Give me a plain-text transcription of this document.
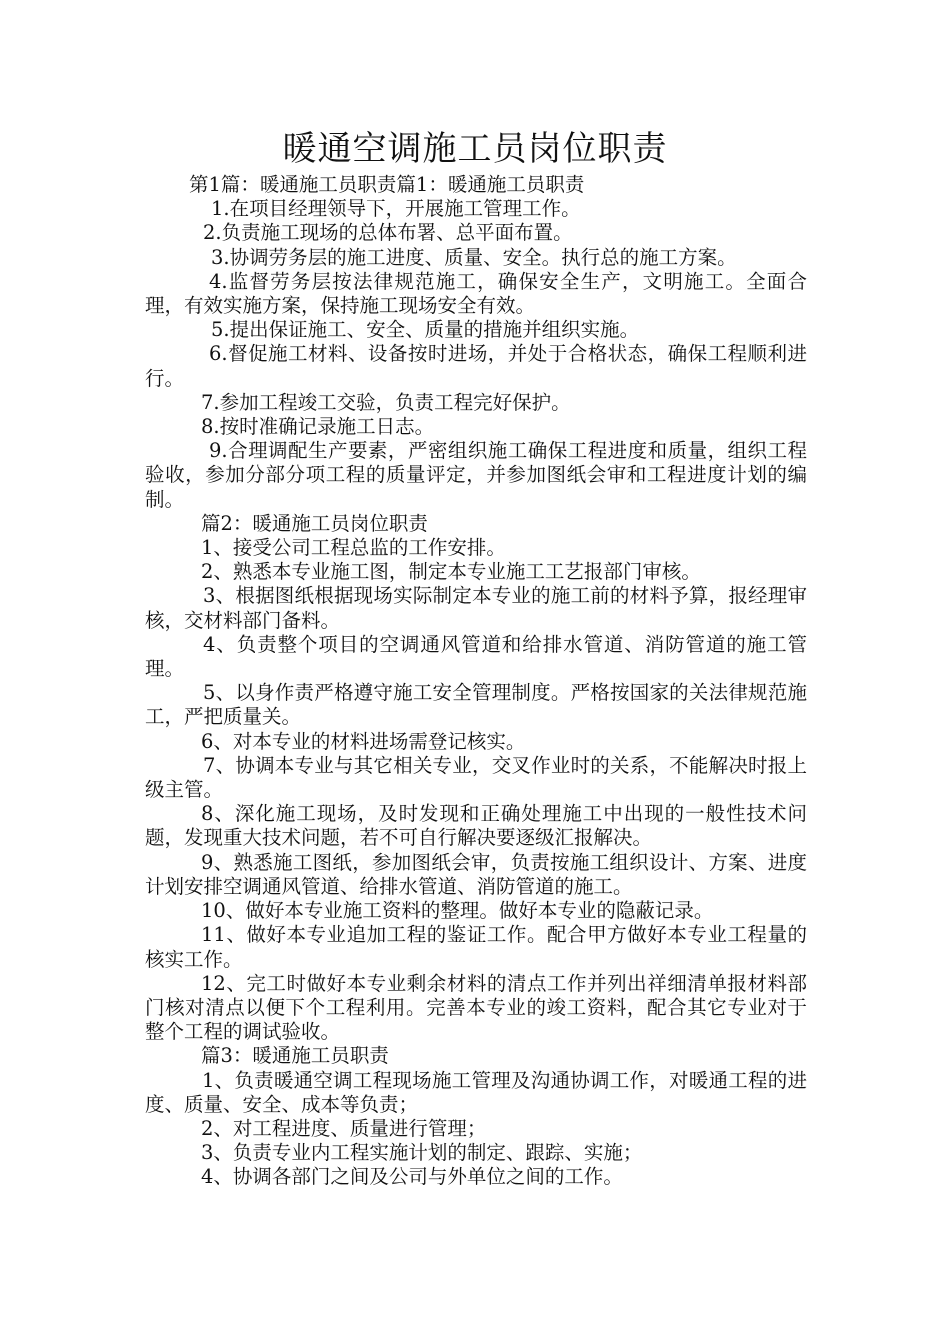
暖通空调施工员岗位职责

第1篇：暖通施工员职责篇1：暖通施工员职责

1.在项目经理领导下，开展施工管理工作。

2.负责施工现场的总体布署、总平面布置。

3.协调劳务层的施工进度、质量、安全。执行总的施工方案。

4.监督劳务层按法律规范施工，确保安全生产，文明施工。全面合理，有效实施方案，保持施工现场安全有效。

5.提出保证施工、安全、质量的措施并组织实施。

6.督促施工材料、设备按时进场，并处于合格状态，确保工程顺利进行。

7.参加工程竣工交验，负责工程完好保护。

8.按时准确记录施工日志。

9.合理调配生产要素，严密组织施工确保工程进度和质量，组织工程验收，参加分部分项工程的质量评定，并参加图纸会审和工程进度计划的编制。

篇2：暖通施工员岗位职责

1、接受公司工程总监的工作安排。

2、熟悉本专业施工图，制定本专业施工工艺报部门审核。

3、根据图纸根据现场实际制定本专业的施工前的材料予算，报经理审核，交材料部门备料。

4、负责整个项目的空调通风管道和给排水管道、消防管道的施工管理。

5、以身作责严格遵守施工安全管理制度。严格按国家的关法律规范施工，严把质量关。

6、对本专业的材料进场需登记核实。

7、协调本专业与其它相关专业，交叉作业时的关系，不能解决时报上级主管。

8、深化施工现场，及时发现和正确处理施工中出现的一般性技术问题，发现重大技术问题，若不可自行解决要逐级汇报解决。

9、熟悉施工图纸，参加图纸会审，负责按施工组织设计、方案、进度计划安排空调通风管道、给排水管道、消防管道的施工。

10、做好本专业施工资料的整理。做好本专业的隐蔽记录。

11、做好本专业追加工程的鉴证工作。配合甲方做好本专业工程量的核实工作。

12、完工时做好本专业剩余材料的清点工作并列出祥细清单报材料部门核对清点以便下个工程利用。完善本专业的竣工资料，配合其它专业对于整个工程的调试验收。

篇3：暖通施工员职责

1、负责暖通空调工程现场施工管理及沟通协调工作，对暖通工程的进度、质量、安全、成本等负责；

2、对工程进度、质量进行管理；

3、负责专业内工程实施计划的制定、跟踪、实施；

4、协调各部门之间及公司与外单位之间的工作。
